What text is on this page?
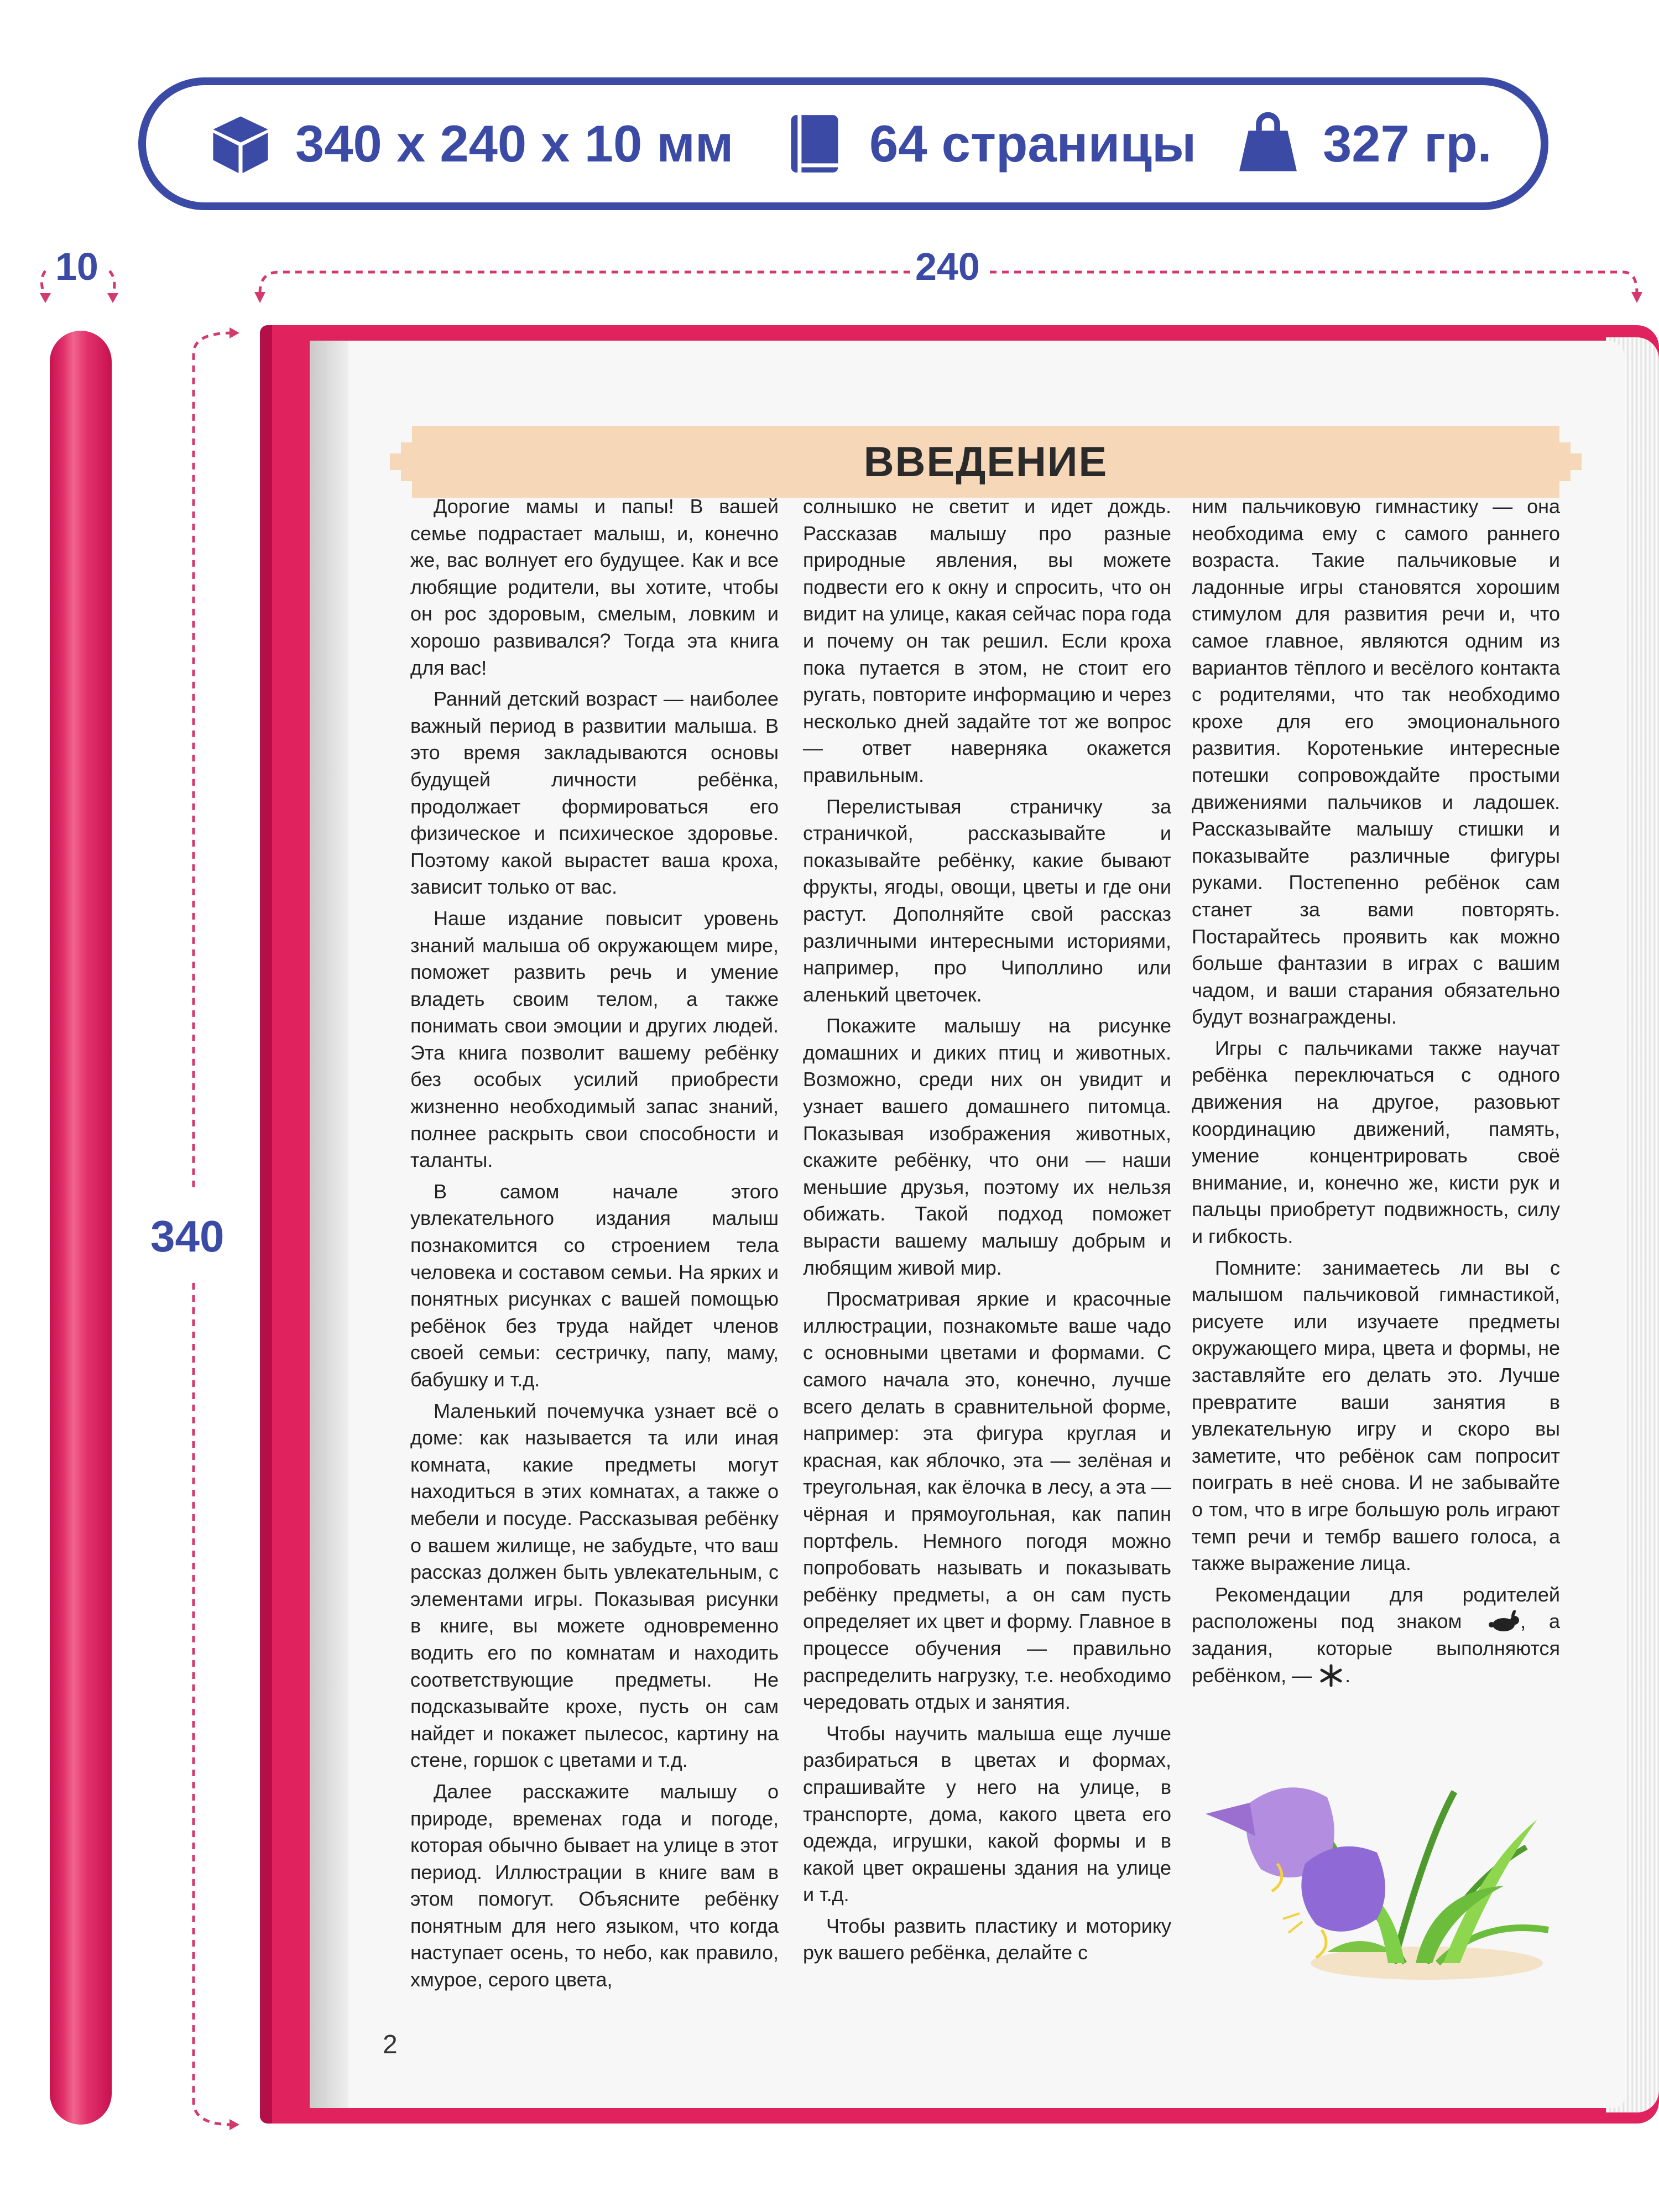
340 x 240 x 10 мм	64 страницы 327 гр.
10	240
340
ВВЕДЕНИЕ

Дорогие мамы и папы! В вашей семье подрастает малыш, и, конечно же, вас волнует его будущее. Как и все любящие родители, вы хотите, чтобы он рос здоровым, смелым, ловким и хорошо развивался? Тогда эта книга для вас!

Ранний детский возраст — наиболее важный период в развитии малыша. В это время закладываются основы будущей личности ребёнка, продолжает формироваться его физическое и психическое здоровье. Поэтому какой вырастет ваша кроха, зависит только от вас.

Наше издание повысит уровень знаний малыша об окружающем мире, поможет развить речь и умение владеть своим телом, а также понимать свои эмоции и других людей. Эта книга позволит вашему ребёнку без особых усилий приобрести жизненно необходимый запас знаний, полнее раскрыть свои способности и таланты.

В самом начале этого увлекательного издания малыш познакомится со строением тела человека и составом семьи. На ярких и понятных рисунках с вашей помощью ребёнок без труда найдет членов своей семьи: сестричку, папу, маму, бабушку и т.д.

Маленький почемучка узнает всё о доме: как называется та или иная комната, какие предметы могут находиться в этих комнатах, а также о мебели и посуде. Рассказывая ребёнку о вашем жилище, не забудьте, что ваш рассказ должен быть увлекательным, с элементами игры. Показывая рисунки в книге, вы можете одновременно водить его по комнатам и находить соответствующие предметы. Не подсказывайте крохе, пусть он сам найдет и покажет пылесос, картину на стене, горшок с цветами и т.д.

Далее расскажите малышу о природе, временах года и погоде, которая обычно бывает на улице в этот период. Иллюстрации в книге вам в этом помогут. Объясните ребёнку понятным для него языком, что когда наступает осень, то небо, как правило, хмурое, серого цвета,

солнышко не светит и идет дождь. Рассказав малышу про разные природные явления, вы можете подвести его к окну и спросить, что он видит на улице, какая сейчас пора года и почему он так решил. Если кроха пока путается в этом, не стоит его ругать, повторите информацию и через несколько дней задайте тот же вопрос — ответ наверняка окажется правильным.

Перелистывая страничку за страничкой, рассказывайте и показывайте ребёнку, какие бывают фрукты, ягоды, овощи, цветы и где они растут. Дополняйте свой рассказ различными интересными историями, например, про Чиполлино или аленький цветочек.

Покажите малышу на рисунке домашних и диких птиц и животных. Возможно, среди них он увидит и узнает вашего домашнего питомца. Показывая изображения животных, скажите ребёнку, что они — наши меньшие друзья, поэтому их нельзя обижать. Такой подход поможет вырасти вашему малышу добрым и любящим живой мир.

Просматривая яркие и красочные иллюстрации, познакомьте ваше чадо с основными цветами и формами. С самого начала это, конечно, лучше всего делать в сравнительной форме, например: эта фигура круглая и красная, как яблочко, эта — зелёная и треугольная, как ёлочка в лесу, а эта — чёрная и прямоугольная, как папин портфель. Немного погодя можно попробовать называть и показывать ребёнку предметы, а он сам пусть определяет их цвет и форму. Главное в процессе обучения — правильно распределить нагрузку, т.е. необходимо чередовать отдых и занятия.

Чтобы научить малыша еще лучше разбираться в цветах и формах, спрашивайте у него на улице, в транспорте, дома, какого цвета его одежда, игрушки, какой формы и в какой цвет окрашены здания на улице и т.д.

Чтобы развить пластику и моторику рук вашего ребёнка, делайте с

ним пальчиковую гимнастику — она необходима ему с самого раннего возраста. Такие пальчиковые и ладонные игры становятся хорошим стимулом для развития речи и, что самое главное, являются одним из вариантов тёплого и весёлого контакта с родителями, что так необходимо крохе для его эмоционального развития. Коротенькие интересные потешки сопровождайте простыми движениями пальчиков и ладошек. Рассказывайте малышу стишки и показывайте различные фигуры руками. Постепенно ребёнок сам станет за вами повторять. Постарайтесь проявить как можно больше фантазии в играх с вашим чадом, и ваши старания обязательно будут вознаграждены.

Игры с пальчиками также научат ребёнка переключаться с одного движения на другое, разовьют координацию движений, память, умение концентрировать своё внимание, и, конечно же, кисти рук и пальцы приобретут подвижность, силу и гибкость.

Помните: занимаетесь ли вы с малышом пальчиковой гимнастикой, рисуете или изучаете предметы окружающего мира, цвета и формы, не заставляйте его делать это. Лучше превратите ваши занятия в увлекательную игру и скоро вы заметите, что ребёнок сам попросит поиграть в неё снова. И не забывайте о том, что в игре большую роль играют темп речи и тембр вашего голоса, а также выражение лица.

Рекомендации для родителей расположены под знаком	, а задания, которые выполняются ребёнком, — .

2
